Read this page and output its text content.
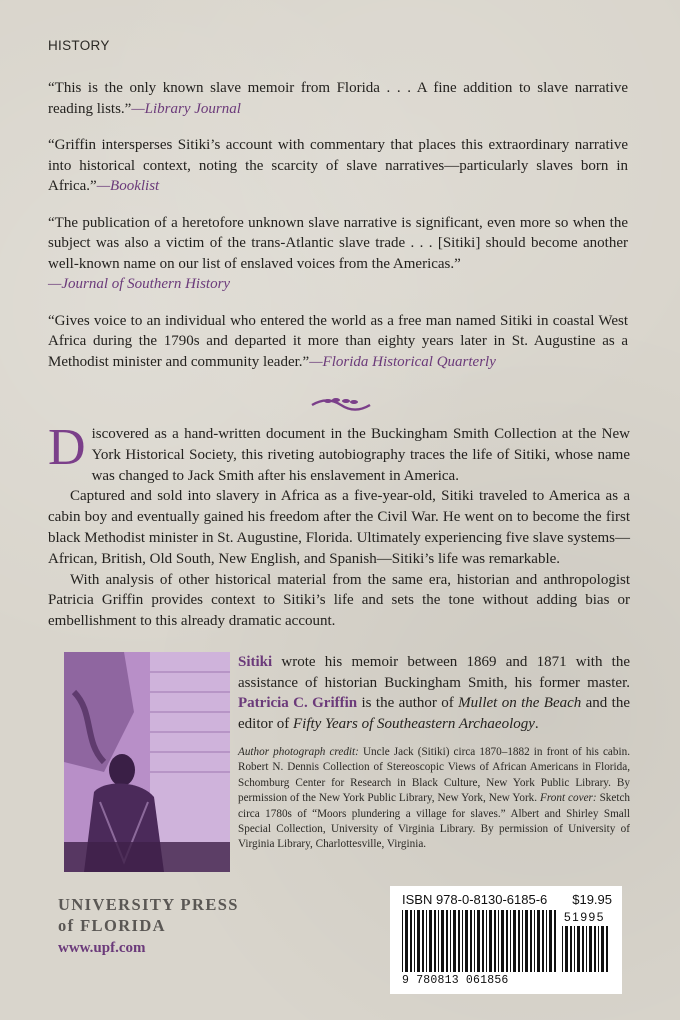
HISTORY

“This is the only known slave memoir from Florida . . . A fine addition to slave narrative reading lists.”—Library Journal

“Griffin intersperses Sitiki’s account with commentary that places this extraordinary narrative into historical context, noting the scarcity of slave narratives—particularly slaves born in Africa.”—Booklist

“The publication of a heretofore unknown slave narrative is significant, even more so when the subject was also a victim of the trans-Atlantic slave trade . . . [Sitiki] should become another well-known name on our list of enslaved voices from the Americas.”
—Journal of Southern History

“Gives voice to an individual who entered the world as a free man named Sitiki in coastal West Africa during the 1790s and departed it more than eighty years later in St. Augustine as a Methodist minister and community leader.”—Florida Historical Quarterly

Discovered as a hand-written document in the Buckingham Smith Collection at the New York Historical Society, this riveting autobiography traces the life of Sitiki, whose name was changed to Jack Smith after his enslavement in America.

Captured and sold into slavery in Africa as a five-year-old, Sitiki traveled to America as a cabin boy and eventually gained his freedom after the Civil War. He went on to become the first black Methodist minister in St. Augustine, Florida. Ultimately experiencing five slave systems—African, British, Old South, New English, and Spanish—Sitiki’s life was remarkable.

With analysis of other historical material from the same era, historian and anthropologist Patricia Griffin provides context to Sitiki’s life and sets the tone without adding bias or embellishment to this already dramatic account.

Sitiki wrote his memoir between 1869 and 1871 with the assistance of historian Buckingham Smith, his former master. Patricia C. Griffin is the author of Mullet on the Beach and the editor of Fifty Years of Southeastern Archaeology.
Author photograph credit: Uncle Jack (Sitiki) circa 1870–1882 in front of his cabin. Robert N. Dennis Collection of Stereoscopic Views of African Americans in Florida, Schomburg Center for Research in Black Culture, New York Public Library. By permission of the New York Public Library, New York, New York. Front cover: Sketch circa 1780s of “Moors plundering a village for slaves.” Albert and Shirley Small Special Collection, University of Virginia Library. By permission of University of Virginia Library, Charlottesville, Virginia.
UNIVERSITY PRESS
of FLORIDA
www.upf.com
ISBN 978-0-8130-6185-6 $19.95
51995
9 780813 061856
